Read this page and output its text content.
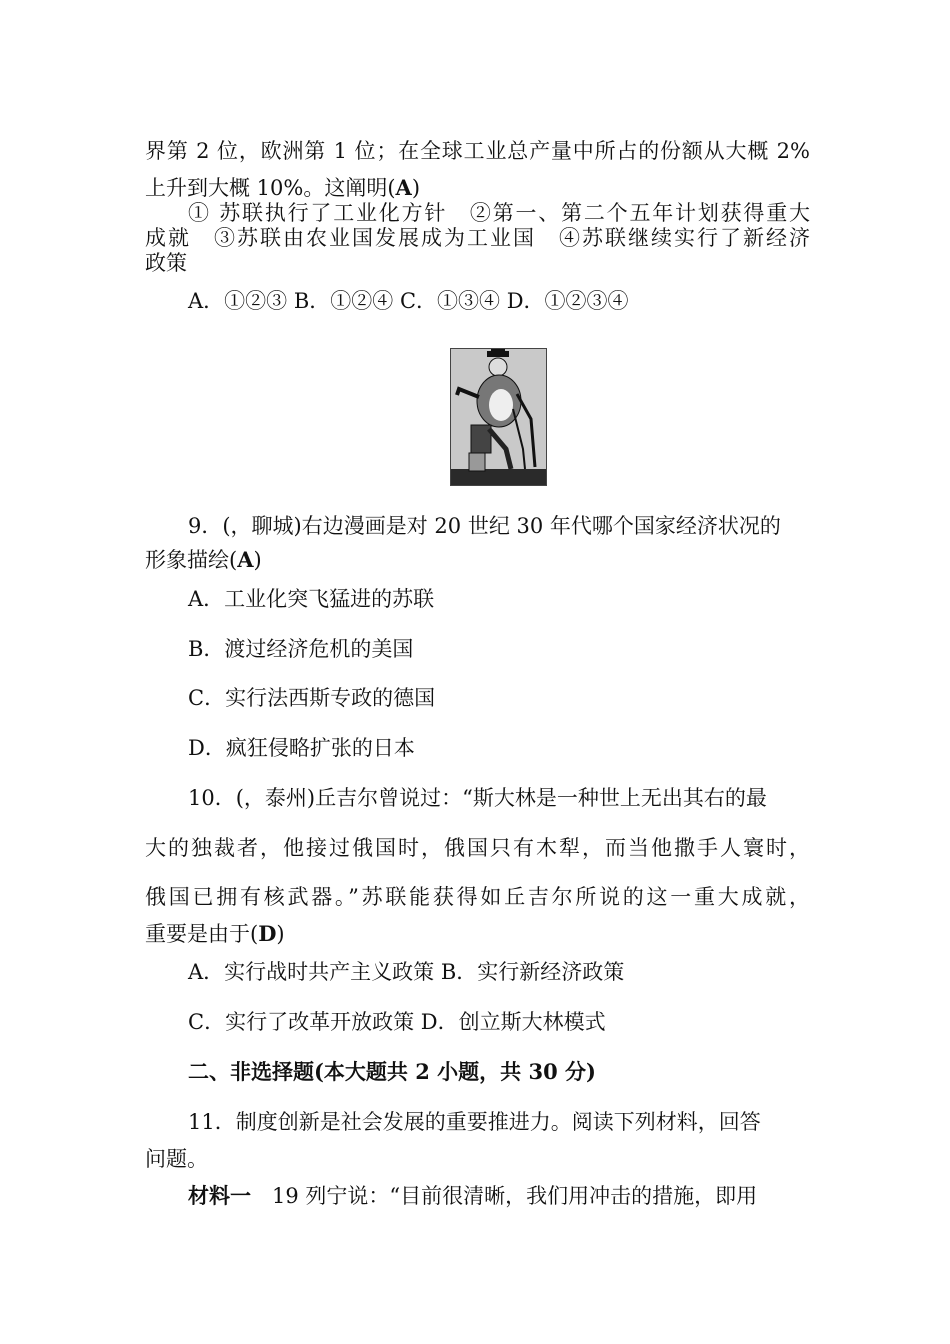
界第 2 位，欧洲第 1 位；在全球工业总产量中所占的份额从大概 2%
上升到大概 10%。这阐明(A)
① 苏联执行了工业化方针　②第一、第二个五年计划获得重大
成就　③苏联由农业国发展成为工业国　④苏联继续实行了新经济
政策
A．①②③ B．①②④ C．①③④ D．①②③④
9．(，聊城)右边漫画是对 20 世纪 30 年代哪个国家经济状况的
形象描绘(A)
A．工业化突飞猛进的苏联
B．渡过经济危机的美国
C．实行法西斯专政的德国
D．疯狂侵略扩张的日本
10．(，泰州)丘吉尔曾说过：“斯大林是一种世上无出其右的最
大的独裁者，他接过俄国时，俄国只有木犁，而当他撒手人寰时，
俄国已拥有核武器。”苏联能获得如丘吉尔所说的这一重大成就，
重要是由于(D)
A．实行战时共产主义政策 B．实行新经济政策
C．实行了改革开放政策 D．创立斯大林模式
二、非选择题(本大题共 2 小题，共 30 分)
11．制度创新是社会发展的重要推进力。阅读下列材料，回答
问题。
材料一　19 列宁说：“目前很清晰，我们用冲击的措施，即用
